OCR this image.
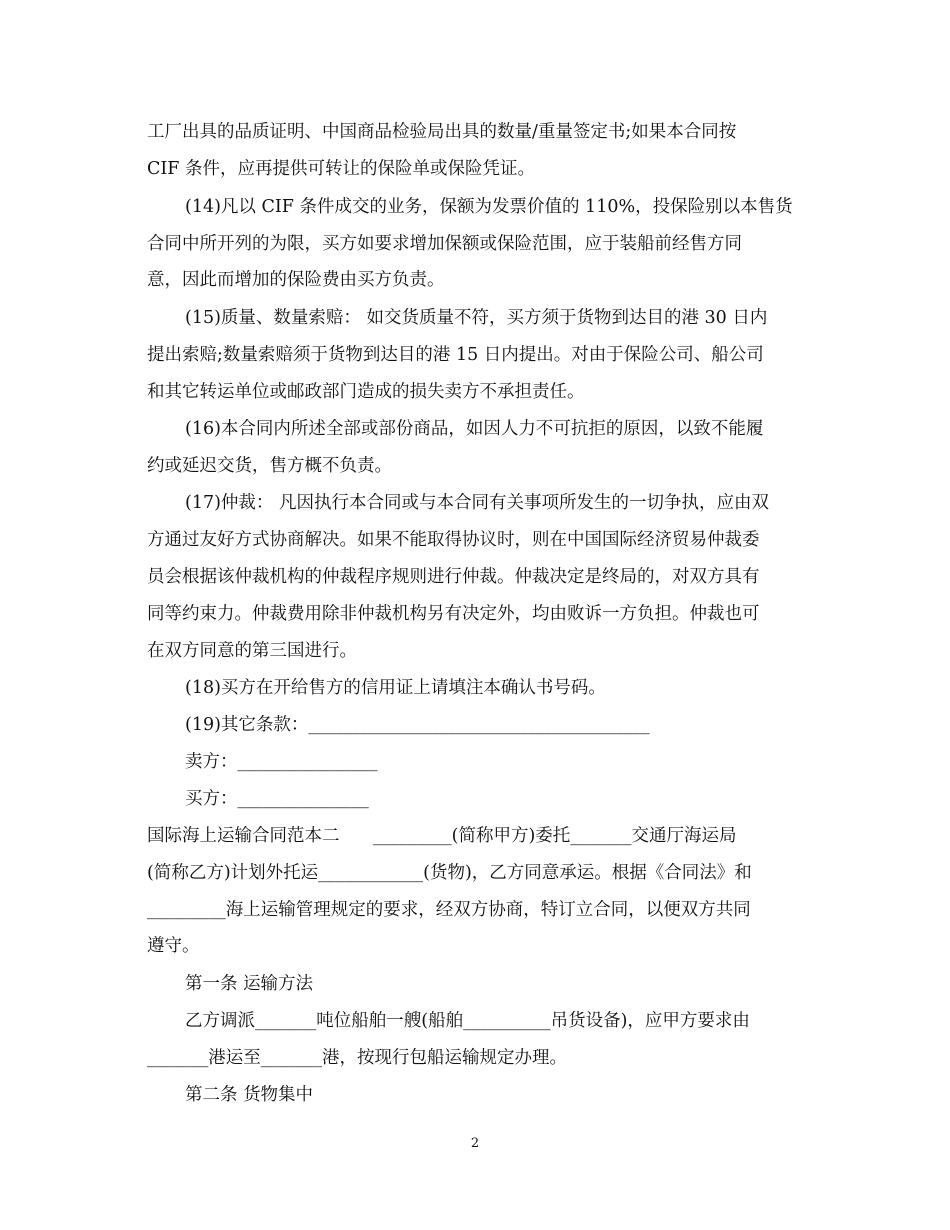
工厂出具的品质证明、中国商品检验局出具的数量/重量签定书;如果本合同按
CIF 条件，应再提供可转让的保险单或保险凭证。
(14)凡以 CIF 条件成交的业务，保额为发票价值的 110%，投保险别以本售货
合同中所开列的为限，买方如要求增加保额或保险范围，应于装船前经售方同
意，因此而增加的保险费由买方负责。
(15)质量、数量索赔： 如交货质量不符，买方须于货物到达目的港 30 日内
提出索赔;数量索赔须于货物到达目的港 15 日内提出。对由于保险公司、船公司
和其它转运单位或邮政部门造成的损失卖方不承担责任。
(16)本合同内所述全部或部份商品，如因人力不可抗拒的原因，以致不能履
约或延迟交货，售方概不负责。
(17)仲裁： 凡因执行本合同或与本合同有关事项所发生的一切争执，应由双
方通过友好方式协商解决。如果不能取得协议时，则在中国国际经济贸易仲裁委
员会根据该仲裁机构的仲裁程序规则进行仲裁。仲裁决定是终局的，对双方具有
同等约束力。仲裁费用除非仲裁机构另有决定外，均由败诉一方负担。仲裁也可
在双方同意的第三国进行。
(18)买方在开给售方的信用证上请填注本确认书号码。
(19)其它条款：_______________________________________
卖方：________________
买方：_______________
国际海上运输合同范本二      _________(简称甲方)委托_______交通厅海运局
(简称乙方)计划外托运____________(货物)，乙方同意承运。根据《合同法》和
_________海上运输管理规定的要求，经双方协商，特订立合同，以便双方共同
遵守。
第一条 运输方法
乙方调派_______吨位船舶一艘(船舶__________吊货设备)，应甲方要求由
_______港运至_______港，按现行包船运输规定办理。
第二条 货物集中
2
